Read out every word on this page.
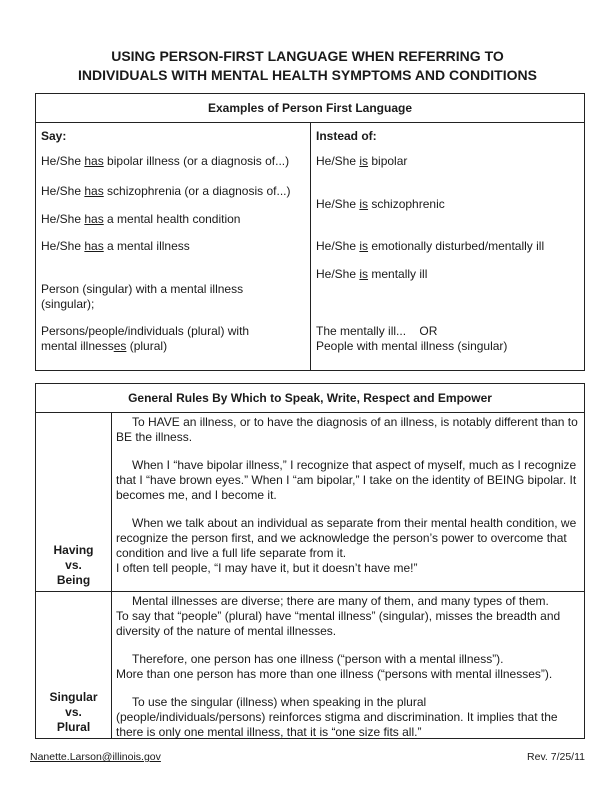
USING PERSON-FIRST LANGUAGE WHEN REFERRING TO
INDIVIDUALS WITH MENTAL HEALTH SYMPTOMS AND CONDITIONS
Examples of Person First Language
Say:
He/She has bipolar illness (or a diagnosis of...)
He/She has schizophrenia (or a diagnosis of...)
He/She has a mental health condition
He/She has a mental illness
Person (singular) with a mental illness
(singular);
Persons/people/individuals (plural) with
mental illnesses (plural)
Instead of:
He/She is bipolar
He/She is schizophrenic
He/She is emotionally disturbed/mentally ill
He/She is mentally ill
The mentally ill...    OR
People with mental illness (singular)
General Rules By Which to Speak, Write, Respect and Empower
Having
vs.
Being

To HAVE an illness, or to have the diagnosis of an illness, is notably different than to BE the illness.

When I “have bipolar illness,” I recognize that aspect of myself, much as I recognize that I “have brown eyes.” When I “am bipolar,” I take on the identity of BEING bipolar. It becomes me, and I become it.

When we talk about an individual as separate from their mental health condition, we recognize the person first, and we acknowledge the person’s power to overcome that condition and live a full life separate from it.

I often tell people, “I may have it, but it doesn’t have me!”

Singular
vs.
Plural

Mental illnesses are diverse; there are many of them, and many types of them.

To say that “people” (plural) have “mental illness” (singular), misses the breadth and diversity of the nature of mental illnesses.

Therefore, one person has one illness (“person with a mental illness”).

More than one person has more than one illness (“persons with mental illnesses”).

To use the singular (illness) when speaking in the plural (people/individuals/persons) reinforces stigma and discrimination. It implies that the there is only one mental illness, that it is “one size fits all.”

Nanette.Larson@illinois.gov	Rev. 7/25/11
